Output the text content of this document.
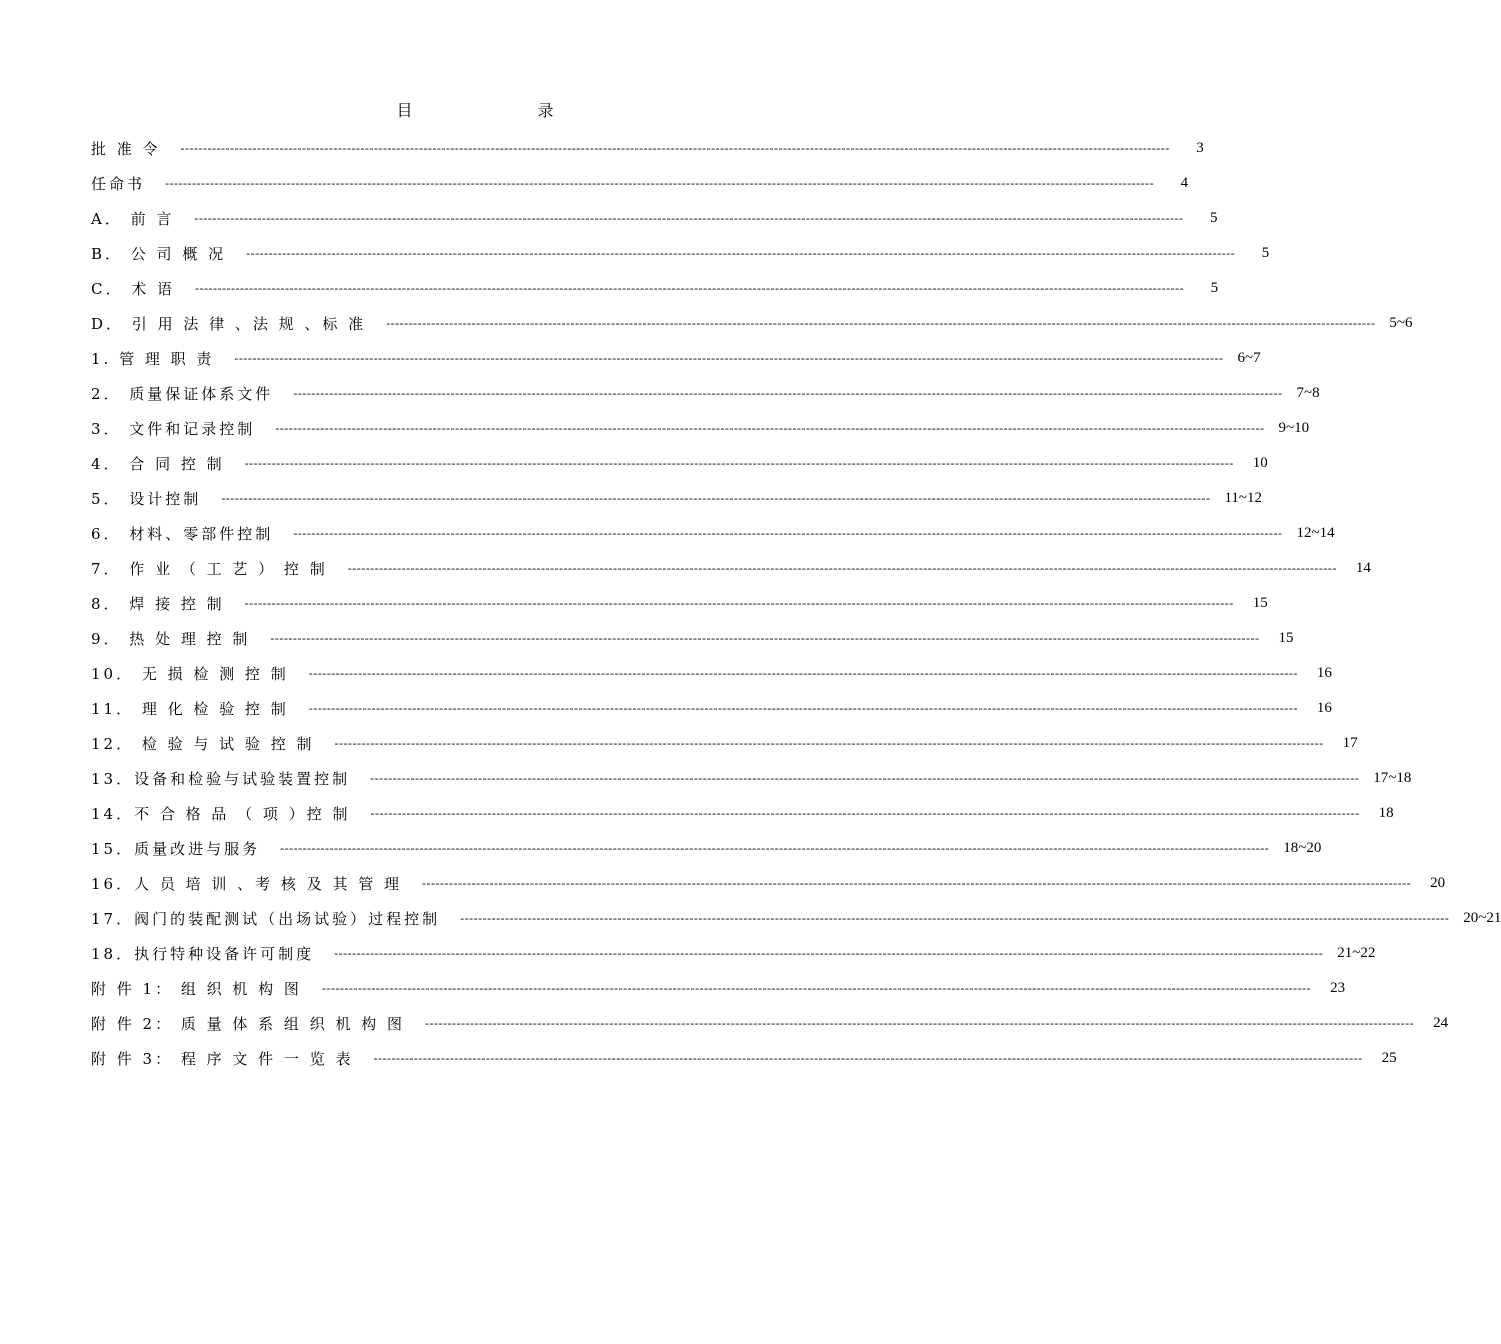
目 录
批 准 令	----------------------------------------------------------------------------------------------------------------------------------------------------------------------------------------------------------------------------	3
任命书	----------------------------------------------------------------------------------------------------------------------------------------------------------------------------------------------------------------------------	4
A． 前 言	----------------------------------------------------------------------------------------------------------------------------------------------------------------------------------------------------------------------------	5
B． 公 司 概 况	----------------------------------------------------------------------------------------------------------------------------------------------------------------------------------------------------------------------------	5
C． 术 语	----------------------------------------------------------------------------------------------------------------------------------------------------------------------------------------------------------------------------	5
D． 引 用 法 律 、法 规 、标 准	---------------------------------------------------------------------------------------------------------------------------------------------------------------------------------------------------------------------------- 5~6
1. 管 理 职 责	---------------------------------------------------------------------------------------------------------------------------------------------------------------------------------------------------------------------------- 6~7
2． 质量保证体系文件	---------------------------------------------------------------------------------------------------------------------------------------------------------------------------------------------------------------------------- 7~8
3． 文件和记录控制	---------------------------------------------------------------------------------------------------------------------------------------------------------------------------------------------------------------------------- 9~10
4． 合 同 控 制	----------------------------------------------------------------------------------------------------------------------------------------------------------------------------------------------------------------------------	10
5． 设计控制	---------------------------------------------------------------------------------------------------------------------------------------------------------------------------------------------------------------------------- 11~12
6． 材料、零部件控制	---------------------------------------------------------------------------------------------------------------------------------------------------------------------------------------------------------------------------- 12~14
7． 作 业 （ 工 艺 ） 控 制	----------------------------------------------------------------------------------------------------------------------------------------------------------------------------------------------------------------------------	14
8． 焊 接 控 制	----------------------------------------------------------------------------------------------------------------------------------------------------------------------------------------------------------------------------	15
9． 热 处 理 控 制	----------------------------------------------------------------------------------------------------------------------------------------------------------------------------------------------------------------------------	15
10． 无 损 检 测 控 制	----------------------------------------------------------------------------------------------------------------------------------------------------------------------------------------------------------------------------	16
11． 理 化 检 验 控 制	----------------------------------------------------------------------------------------------------------------------------------------------------------------------------------------------------------------------------	16
12． 检 验 与 试 验 控 制	----------------------------------------------------------------------------------------------------------------------------------------------------------------------------------------------------------------------------	17
13．设备和检验与试验装置控制	---------------------------------------------------------------------------------------------------------------------------------------------------------------------------------------------------------------------------- 17~18
14．不 合 格 品 （ 项 ）控 制	----------------------------------------------------------------------------------------------------------------------------------------------------------------------------------------------------------------------------	18
15．质量改进与服务	---------------------------------------------------------------------------------------------------------------------------------------------------------------------------------------------------------------------------- 18~20
16．人 员 培 训 、考 核 及 其 管 理	----------------------------------------------------------------------------------------------------------------------------------------------------------------------------------------------------------------------------	20
17．阀门的装配测试（出场试验）过程控制	---------------------------------------------------------------------------------------------------------------------------------------------------------------------------------------------------------------------------- 20~21
18．执行特种设备许可制度	---------------------------------------------------------------------------------------------------------------------------------------------------------------------------------------------------------------------------- 21~22
附 件 1： 组 织 机 构 图	----------------------------------------------------------------------------------------------------------------------------------------------------------------------------------------------------------------------------	23
附 件 2： 质 量 体 系 组 织 机 构 图	----------------------------------------------------------------------------------------------------------------------------------------------------------------------------------------------------------------------------	24
附 件 3： 程 序 文 件 一 览 表	----------------------------------------------------------------------------------------------------------------------------------------------------------------------------------------------------------------------------	25
